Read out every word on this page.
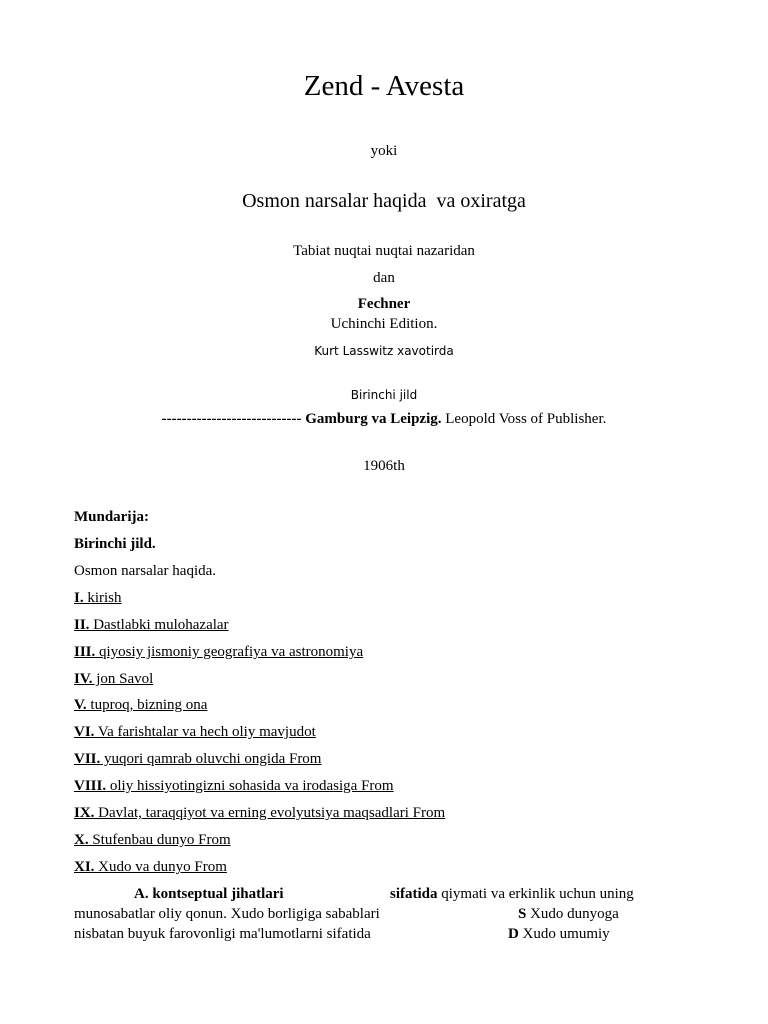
Zend - Avesta
yoki
Osmon narsalar haqida  va oxiratga
Tabiat nuqtai nuqtai nazaridan
dan
Fechner
Uchinchi Edition.
Kurt Lasswitz xavotirda
Birinchi jild
---------------------------- Gamburg va Leipzig. Leopold Voss of Publisher.
1906th
Mundarija:
Birinchi jild.
Osmon narsalar haqida.
I. kirish
II. Dastlabki mulohazalar
III. qiyosiy jismoniy geografiya va astronomiya
IV. jon Savol
V. tuproq, bizning ona
VI. Va farishtalar va hech oliy mavjudot
VII. yuqori qamrab oluvchi ongida From
VIII. oliy hissiyotingizni sohasida va irodasiga From
IX. Davlat, taraqqiyot va erning evolyutsiya maqsadlari From
X. Stufenbau dunyo From
XI. Xudo va dunyo From
A. kontseptual jihatlari	sifatida qiymati va erkinlik uchun uning
munosabatlar oliy qonun. Xudo borligiga sabablari	S Xudo dunyoga
nisbatan buyuk farovonligi ma'lumotlarni sifatida	D Xudo umumiy
